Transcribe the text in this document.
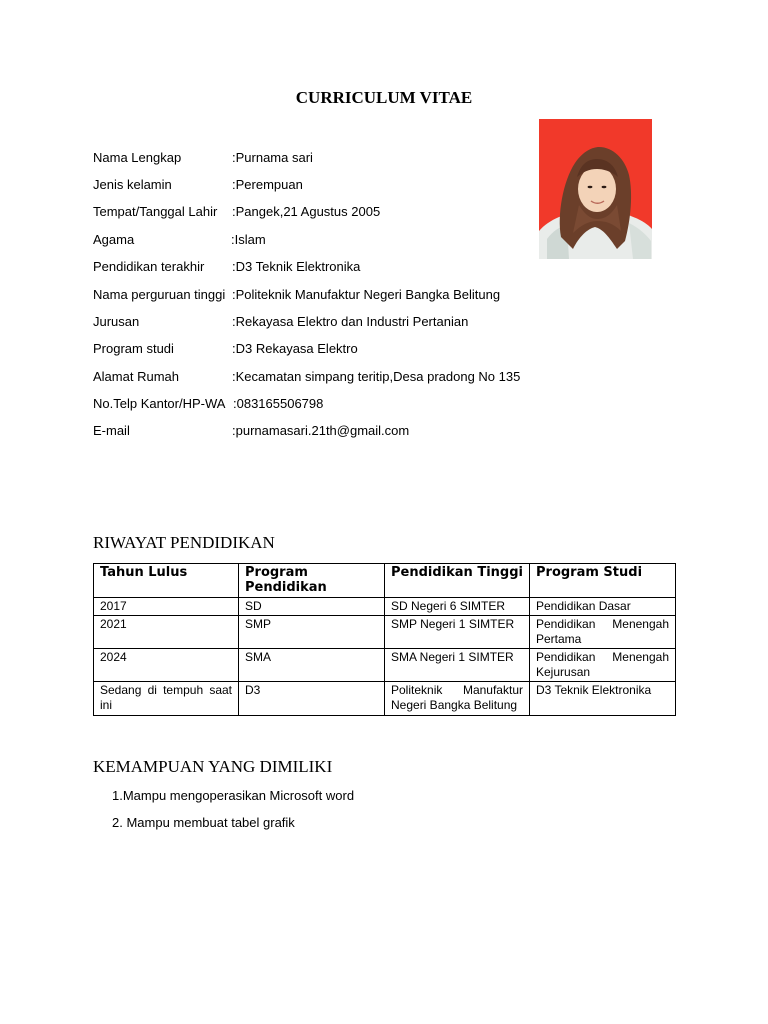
CURRICULUM VITAE
Nama Lengkap	:Purnama sari
Jenis kelamin	:Perempuan
Tempat/Tanggal Lahir :Pangek,21 Agustus 2005
Agama	:Islam
Pendidikan terakhir :D3 Teknik Elektronika
Nama perguruan tinggi :Politeknik Manufaktur Negeri Bangka Belitung
Jurusan	:Rekayasa Elektro dan Industri Pertanian
Program studi	:D3 Rekayasa Elektro
Alamat Rumah	:Kecamatan simpang teritip,Desa pradong No 135
No.Telp Kantor/HP-WA :083165506798
E-mail	:purnamasari.21th@gmail.com
RIWAYAT PENDIDIKAN
Tahun Lulus	Program Pendidikan	Pendidikan Tinggi	Program Studi
2017	SD	SD Negeri 6 SIMTER	Pendidikan Dasar
2021	SMP	SMP Negeri 1 SIMTER	Pendidikan Menengah Pertama
2024	SMA	SMA Negeri 1 SIMTER	Pendidikan Menengah Kejurusan
Sedang di tempuh saat ini	D3	Politeknik Manufaktur Negeri Bangka Belitung	D3 Teknik Elektronika
KEMAMPUAN YANG DIMILIKI
1.Mampu mengoperasikan Microsoft word
2. Mampu membuat tabel grafik
